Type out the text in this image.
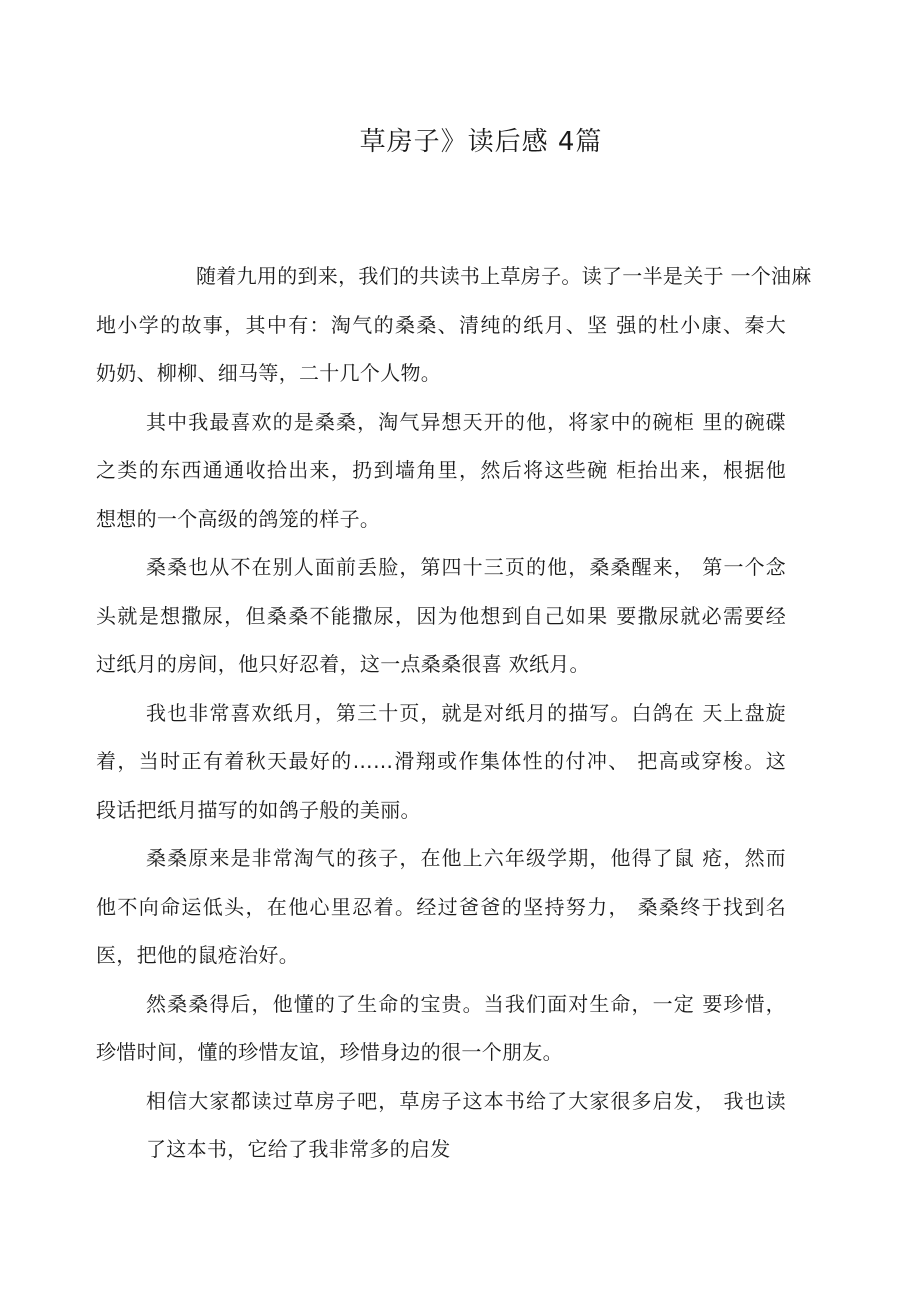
草房子》读后感 4篇
随着九用的到来，我们的共读书上草房子。读了一半是关于 一个油麻
地小学的故事，其中有：淘气的桑桑、清纯的纸月、坚 强的杜小康、秦大
奶奶、柳柳、细马等，二十几个人物。
其中我最喜欢的是桑桑，淘气异想天开的他，将家中的碗柜 里的碗碟
之类的东西通通收拾出来，扔到墙角里，然后将这些碗 柜抬出来，根据他
想想的一个高级的鸽笼的样子。
桑桑也从不在别人面前丢脸，第四十三页的他，桑桑醒来， 第一个念
头就是想撒尿，但桑桑不能撒尿，因为他想到自己如果 要撒尿就必需要经
过纸月的房间，他只好忍着，这一点桑桑很喜 欢纸月。
我也非常喜欢纸月，第三十页，就是对纸月的描写。白鸽在 天上盘旋
着，当时正有着秋天最好的……滑翔或作集体性的付冲、 把高或穿梭。这
段话把纸月描写的如鸽子般的美丽。
桑桑原来是非常淘气的孩子，在他上六年级学期，他得了鼠 疮，然而
他不向命运低头，在他心里忍着。经过爸爸的坚持努力， 桑桑终于找到名
医，把他的鼠疮治好。
然桑桑得后，他懂的了生命的宝贵。当我们面对生命，一定 要珍惜，
珍惜时间，懂的珍惜友谊，珍惜身边的很一个朋友。
相信大家都读过草房子吧，草房子这本书给了大家很多启发， 我也读
了这本书，它给了我非常多的启发
